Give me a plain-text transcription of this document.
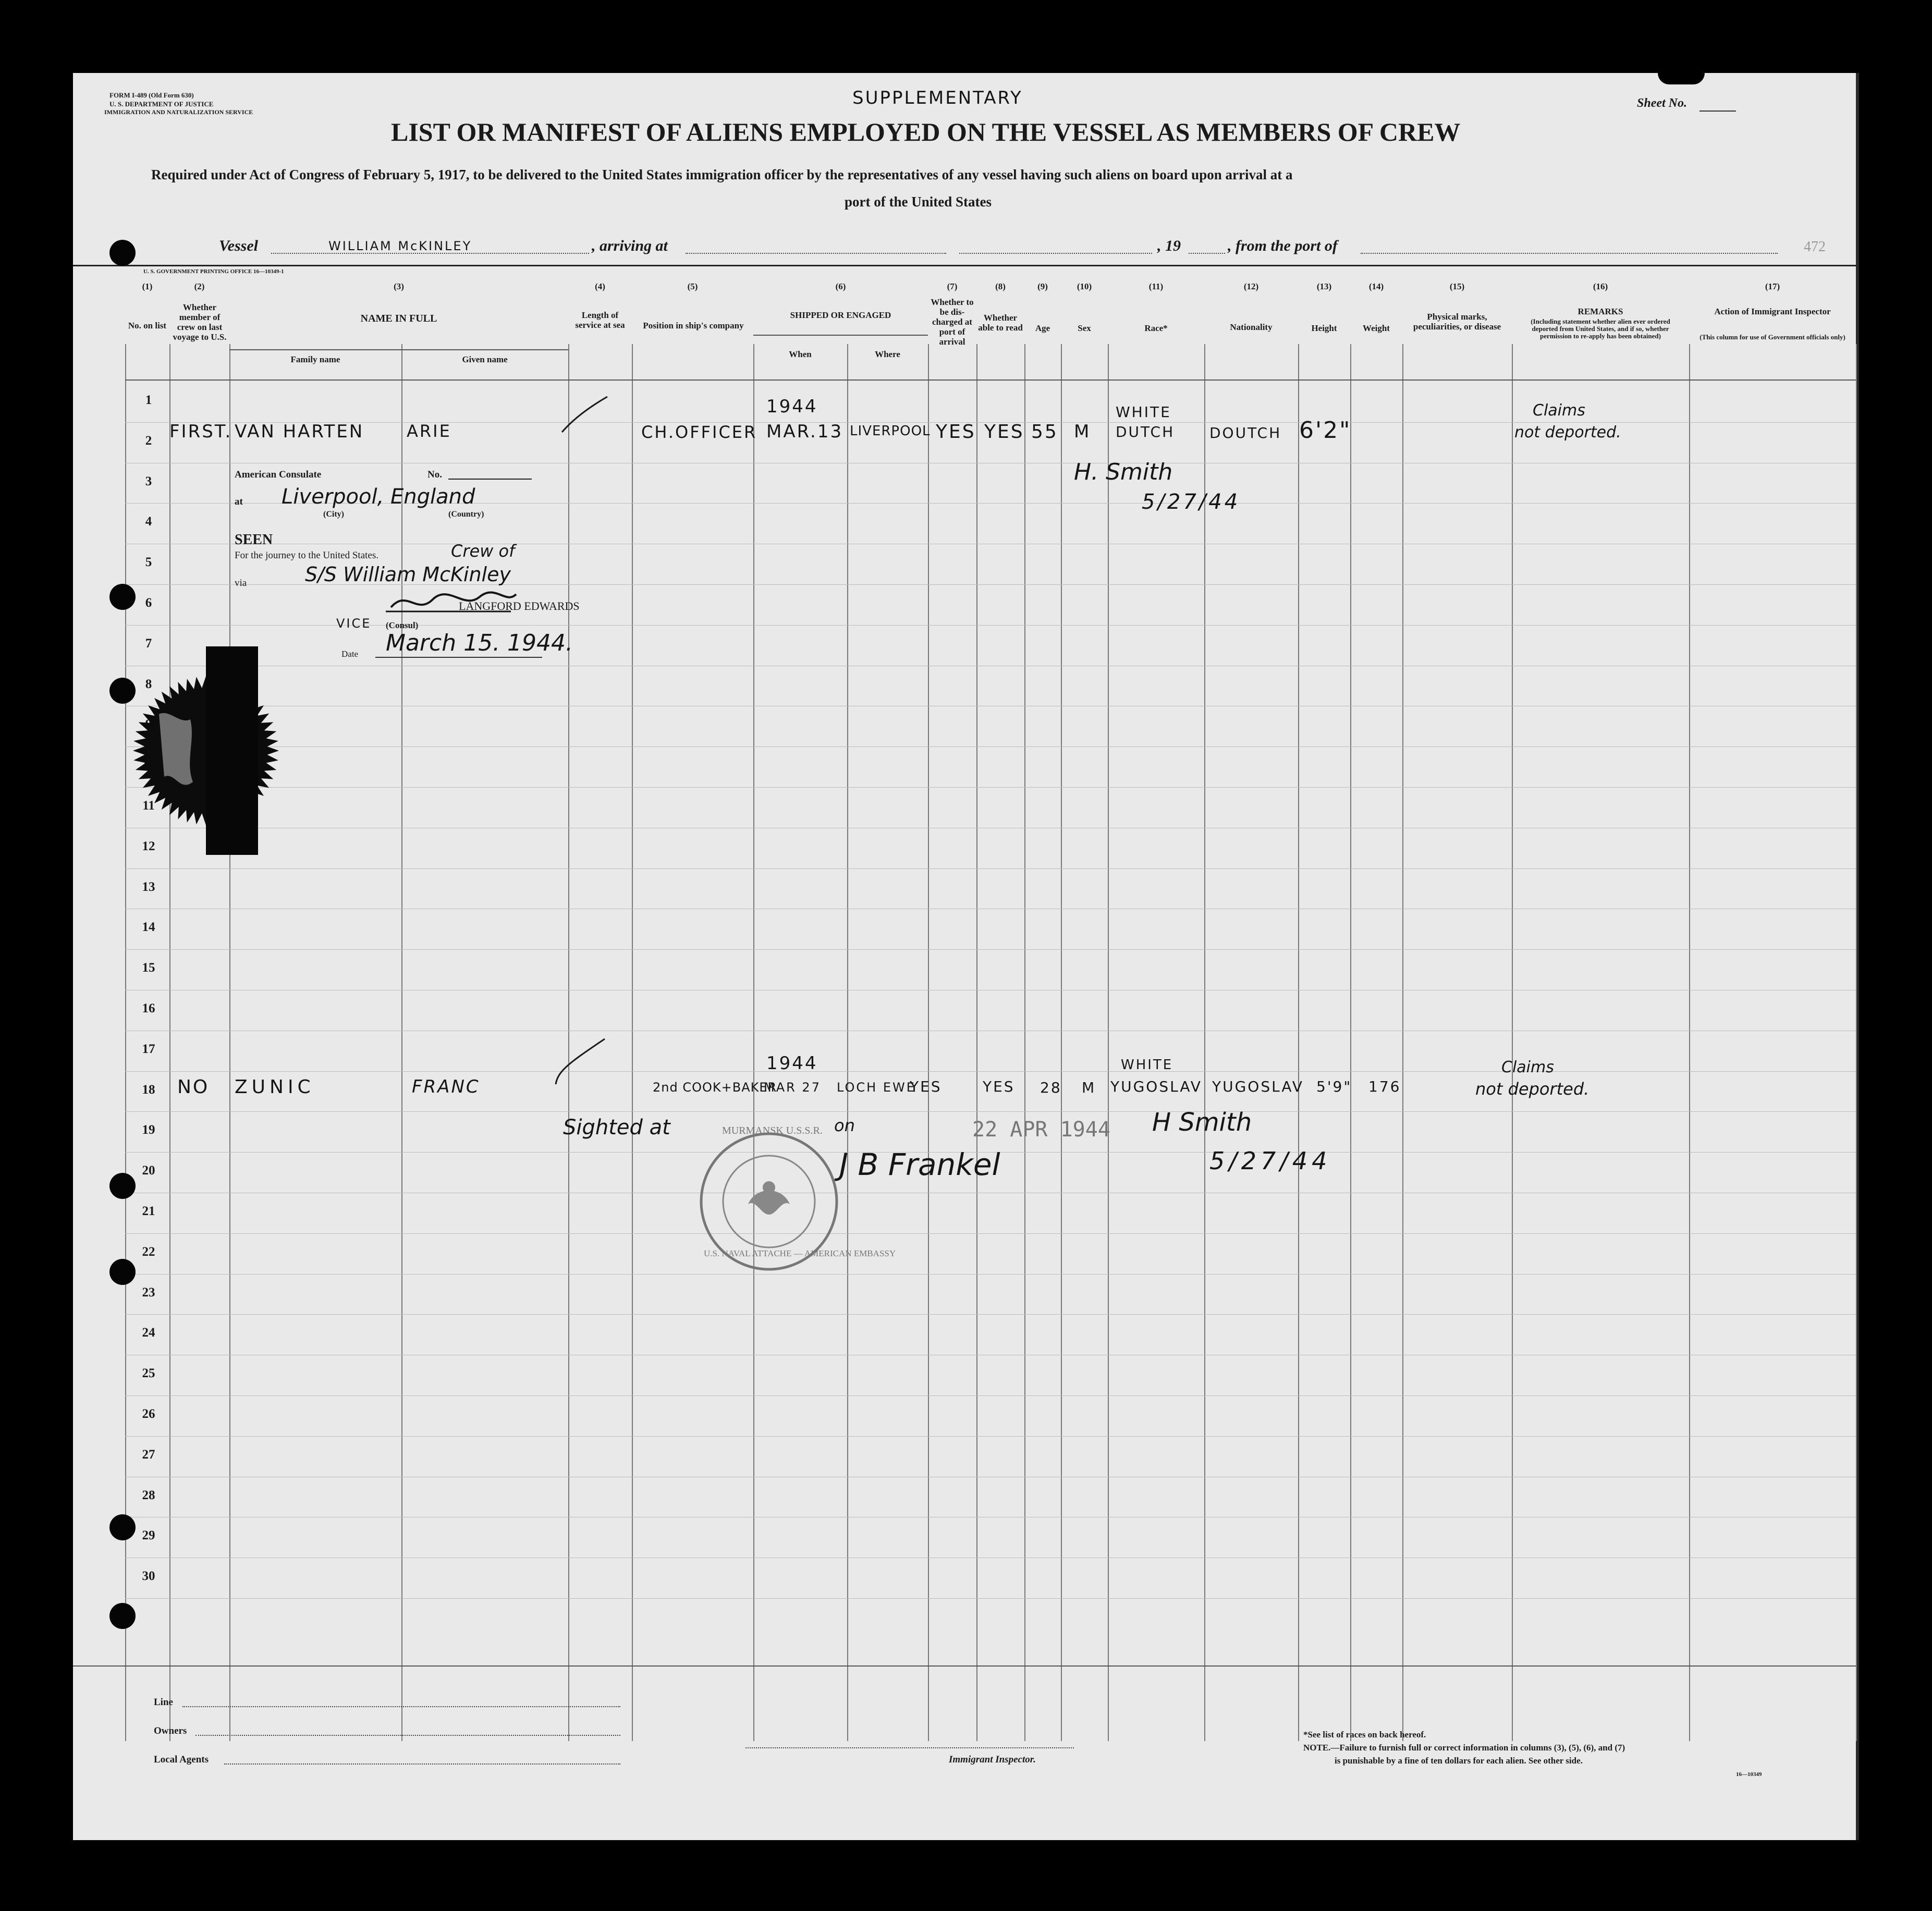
FORM I-489 (Old Form 630)
U. S. DEPARTMENT OF JUSTICE
IMMIGRATION AND NATURALIZATION SERVICE
SUPPLEMENTARY
LIST OR MANIFEST OF ALIENS EMPLOYED ON THE VESSEL AS MEMBERS OF CREW
Sheet No.
Required under Act of Congress of February 5, 1917, to be delivered to the United States immigration officer by the representatives of any vessel having such aliens on board upon arrival at a
port of the United States
Vessel	WILLIAM McKINLEY	, arriving at	, 19	, from the port of	472
U. S. GOVERNMENT PRINTING OFFICE 16—10349-1
(1)
No. on list
(2)
Whether member of crew on last voyage to U.S.
(3)
NAME IN FULL
Family name	Given name
(4)
Length of service at sea
(5)
Position in ship's company
(6)
SHIPPED OR ENGAGED
When	Where
(7)
Whether to be dis-charged at port of arrival
(8)
Whether able to read
(9)
Age
(10)
Sex
(11)
Race*
(12)
Nationality
(13)
Height
(14)
Weight
(15)
Physical marks, peculiarities, or disease
(16)
REMARKS
(Including statement whether alien ever ordered deported from United States, and if so, whether permission to re-apply has been obtained)
(17)
Action of Immigrant Inspector
(This column for use of Government officials only)
1
2
3
4
5
6
7
8
11
12
13
14
15
16
17
18
19
20
21
22
23
24
25
26
27
28
29
30
1944
FIRST. VAN HARTEN	ARIE	CH.OFFICER MAR.13 LIVERPOOL YES YES 55 M
WHITE
DUTCH DOUTCH 6'2"
Claims
not deported.
H. Smith
5/27/44
American Consulate	No.
at Liverpool, England
(City)	(Country)
SEEN
For the journey to the United States.	Crew of
via	S/S William McKinley
LANGFORD EDWARDS
VICE (Consul)
Date March 15. 1944.
1944
NO ZUNIC	FRANC	2nd COOK+BAKER
MAR 27 LOCH EWE
YES	YES 28 M
WHITE
YUGOSLAV YUGOSLAV 5'9" 176
Claims
not deported.
H Smith
5/27/44
Sighted at	MURMANSK U.S.S.R. on	22 APR 1944
J B Frankel
U.S. NAVAL ATTACHE — AMERICAN EMBASSY
Line
Owners
Local Agents	Immigrant Inspector.
*See list of races on back hereof.
NOTE.—Failure to furnish full or correct information in columns (3), (5), (6), and (7)
is punishable by a fine of ten dollars for each alien. See other side.
16—10349
